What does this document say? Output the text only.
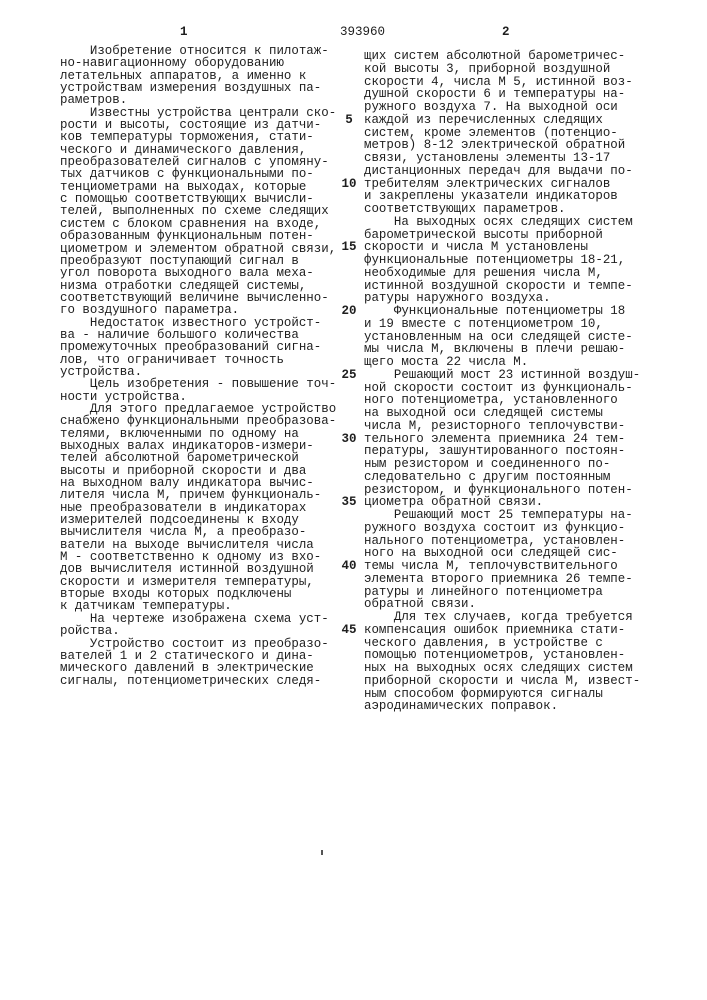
1	393960	2
Изобретение относится к пилотаж-
но-навигационному оборудованию
летательных аппаратов, а именно к
устройствам измерения воздушных па-
раметров.
Известны устройства централи ско-
рости и высоты, состоящие из датчи-
ков температуры торможения, стати-
ческого и динамического давления,
преобразователей сигналов с упомяну-
тых датчиков с функциональными по-
тенциометрами на выходах, которые
с помощью соответствующих вычисли-
телей, выполненных по схеме следящих
систем с блоком сравнения на входе,
образованным функциональным потен-
циометром и элементом обратной связи,
преобразуют поступающий сигнал в
угол поворота выходного вала меха-
низма отработки следящей системы,
соответствующий величине вычисленно-
го воздушного параметра.
Недостаток известного устройст-
ва - наличие большого количества
промежуточных преобразований сигна-
лов, что ограничивает точность
устройства.
Цель изобретения - повышение точ-
ности устройства.
Для этого предлагаемое устройство
снабжено функциональными преобразова-
телями, включенными по одному на
выходных валах индикаторов-измери-
телей абсолютной барометрической
высоты и приборной скорости и два
на выходном валу индикатора вычис-
лителя числа М, причем функциональ-
ные преобразователи в индикаторах
измерителей подсоединены к входу
вычислителя числа М, а преобразо-
ватели на выходе вычислителя числа
М - соответственно к одному из вхо-
дов вычислителя истинной воздушной
скорости и измерителя температуры,
вторые входы которых подключены
к датчикам температуры.
На чертеже изображена схема уст-
ройства.
Устройство состоит из преобразо-
вателей 1 и 2 статического и дина-
мического давлений в электрические
сигналы, потенциометрических следя-
щих систем абсолютной барометричес-
кой высоты 3, приборной воздушной
скорости 4, числа М 5, истинной воз-
душной скорости 6 и температуры на-
ружного воздуха 7. На выходной оси
каждой из перечисленных следящих
систем, кроме элементов (потенцио-
метров) 8-12 электрической обратной
связи, установлены элементы 13-17
дистанционных передач для выдачи по-
требителям электрических сигналов
и закреплены указатели индикаторов
соответствующих параметров.
На выходных осях следящих систем
барометрической высоты приборной
скорости и числа М установлены
функциональные потенциометры 18-21,
необходимые для решения числа М,
истинной воздушной скорости и темпе-
ратуры наружного воздуха.
Функциональные потенциометры 18
и 19 вместе с потенциометром 10,
установленным на оси следящей систе-
мы числа М, включены в плечи решаю-
щего моста 22 числа М.
Решающий мост 23 истинной воздуш-
ной скорости состоит из функциональ-
ного потенциометра, установленного
на выходной оси следящей системы
числа М, резисторного теплочувстви-
тельного элемента приемника 24 тем-
пературы, зашунтированного постоян-
ным резистором и соединенного по-
следовательно с другим постоянным
резистором, и функционального потен-
циометра обратной связи.
Решающий мост 25 температуры на-
ружного воздуха состоит из функцио-
нального потенциометра, установлен-
ного на выходной оси следящей сис-
темы числа М, теплочувствительного
элемента второго приемника 26 темпе-
ратуры и линейного потенциометра
обратной связи.
Для тех случаев, когда требуется
компенсация ошибок приемника стати-
ческого давления, в устройстве с
помощью потенциометров, установлен-
ных на выходных осях следящих систем
приборной скорости и числа М, извест-
ным способом формируются сигналы
аэродинамических поправок.
5
10
15
20
25
30
35
40
45
